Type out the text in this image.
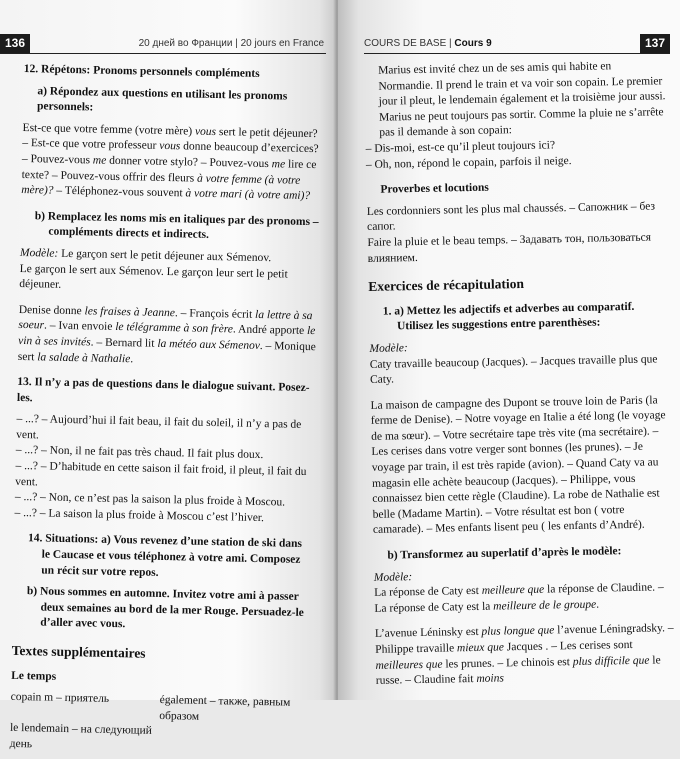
136	20 дней во Франции | 20 jours en France

12. Répétons: Pronoms personnels compléments

a) Répondez aux questions en utilisant les pronoms personnels:

Est-ce que votre femme (votre mère) vous sert le petit déjeuner? – Est-ce que votre professeur vous donne beaucoup d’exercices? – Pouvez-vous me donner votre stylo? – Pouvez-vous me lire ce texte? – Pouvez-vous offrir des fleurs à votre femme (à votre mère)? – Téléphonez-vous souvent à votre mari (à votre ami)?

b) Remplacez les noms mis en italiques par des pronoms – compléments directs et indirects.

Modèle: Le garçon sert le petit déjeuner aux Sémenov.

Le garçon le sert aux Sémenov. Le garçon leur sert le petit déjeuner.

Denise donne les fraises à Jeanne. – François écrit la lettre à sa soeur. – Ivan envoie le télégramme à son frère. André apporte le vin à ses invités. – Bernard lit la météo aux Sémenov. – Monique sert la salade à Nathalie.

13. Il n’y a pas de questions dans le dialogue suivant. Posez-les.

– ...? – Aujourd’hui il fait beau, il fait du soleil, il n’y a pas de vent.

– ...? – Non, il ne fait pas très chaud. Il fait plus doux.

– ...? – D’habitude en cette saison il fait froid, il pleut, il fait du vent.

– ...? – Non, ce n’est pas la saison la plus froide à Moscou.

– ...? – La saison la plus froide à Moscou c’est l’hiver.

14. Situations: a) Vous revenez d’une station de ski dans le Caucase et vous téléphonez à votre ami. Composez un récit sur votre repos.

b) Nous sommes en automne. Invitez votre ami à passer deux semaines au bord de la mer Rouge. Persuadez-le d’aller avec vous.

Textes supplémentaires

Le temps

copain m – приятель	également – также, равным образом
le lendemain – на следующий день
COURS DE BASE | Cours 9	137

Marius est invité chez un de ses amis qui habite en Normandie. Il prend le train et va voir son copain. Le premier jour il pleut, le lendemain également et la troisième jour aussi. Marius ne peut toujours pas sortir. Comme la pluie ne s’arrête pas il demande à son copain:

– Dis-moi, est-ce qu’il pleut toujours ici?

– Oh, non, répond le copain, parfois il neige.

Proverbes et locutions

Les cordonniers sont les plus mal chaussés. – Сапожник – без сапог.

Faire la pluie et le beau temps. – Задавать тон, пользоваться влиянием.

Exercices de récapitulation

1. a) Mettez les adjectifs et adverbes au comparatif. Utilisez les suggestions entre parenthèses:

Modèle:

Caty travaille beaucoup (Jacques). – Jacques travaille plus que Caty.

La maison de campagne des Dupont se trouve loin de Paris (la ferme de Denise). – Notre voyage en Italie a été long (le voyage de ma sœur). – Votre secrétaire tape très vite (ma secrétaire). – Les cerises dans votre verger sont bonnes (les prunes). – Je voyage par train, il est très rapide (avion). – Quand Caty va au magasin elle achète beaucoup (Jacques). – Philippe, vous connaissez bien cette règle (Claudine). La robe de Nathalie est belle (Madame Martin). – Votre résultat est bon ( votre camarade). – Mes enfants lisent peu ( les enfants d’André).

b) Transformez au superlatif d’après le modèle:

Modèle:

La réponse de Caty est meilleure que la réponse de Claudine. – La réponse de Caty est la meilleure de le groupe.

L’avenue Léninsky est plus longue que l’avenue Léningradsky. – Philippe travaille mieux que Jacques . – Les cerises sont meilleures que les prunes. – Le chinois est plus difficile que le russe. – Claudine fait moins
